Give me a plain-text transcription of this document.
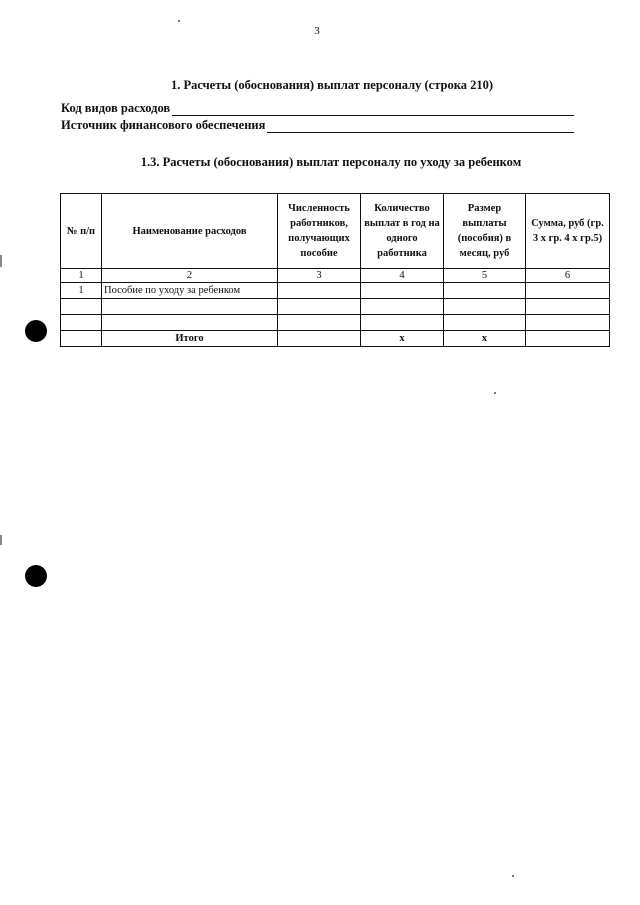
3
1. Расчеты (обоснования) выплат персоналу (строка 210)
Код видов расходов
Источник финансового обеспечения
1.3. Расчеты (обоснования) выплат персоналу по уходу за ребенком
№ п/п	Наименование расходов	Численность работников, получающих пособие	Количество выплат в год на одного работника	Размер выплаты (пособия) в месяц, руб	Сумма, руб (гр. 3 х гр. 4 х гр.5)
1	2	3	4	5	6
1	Пособие по уходу за ребенком				

	Итого		х	х	
